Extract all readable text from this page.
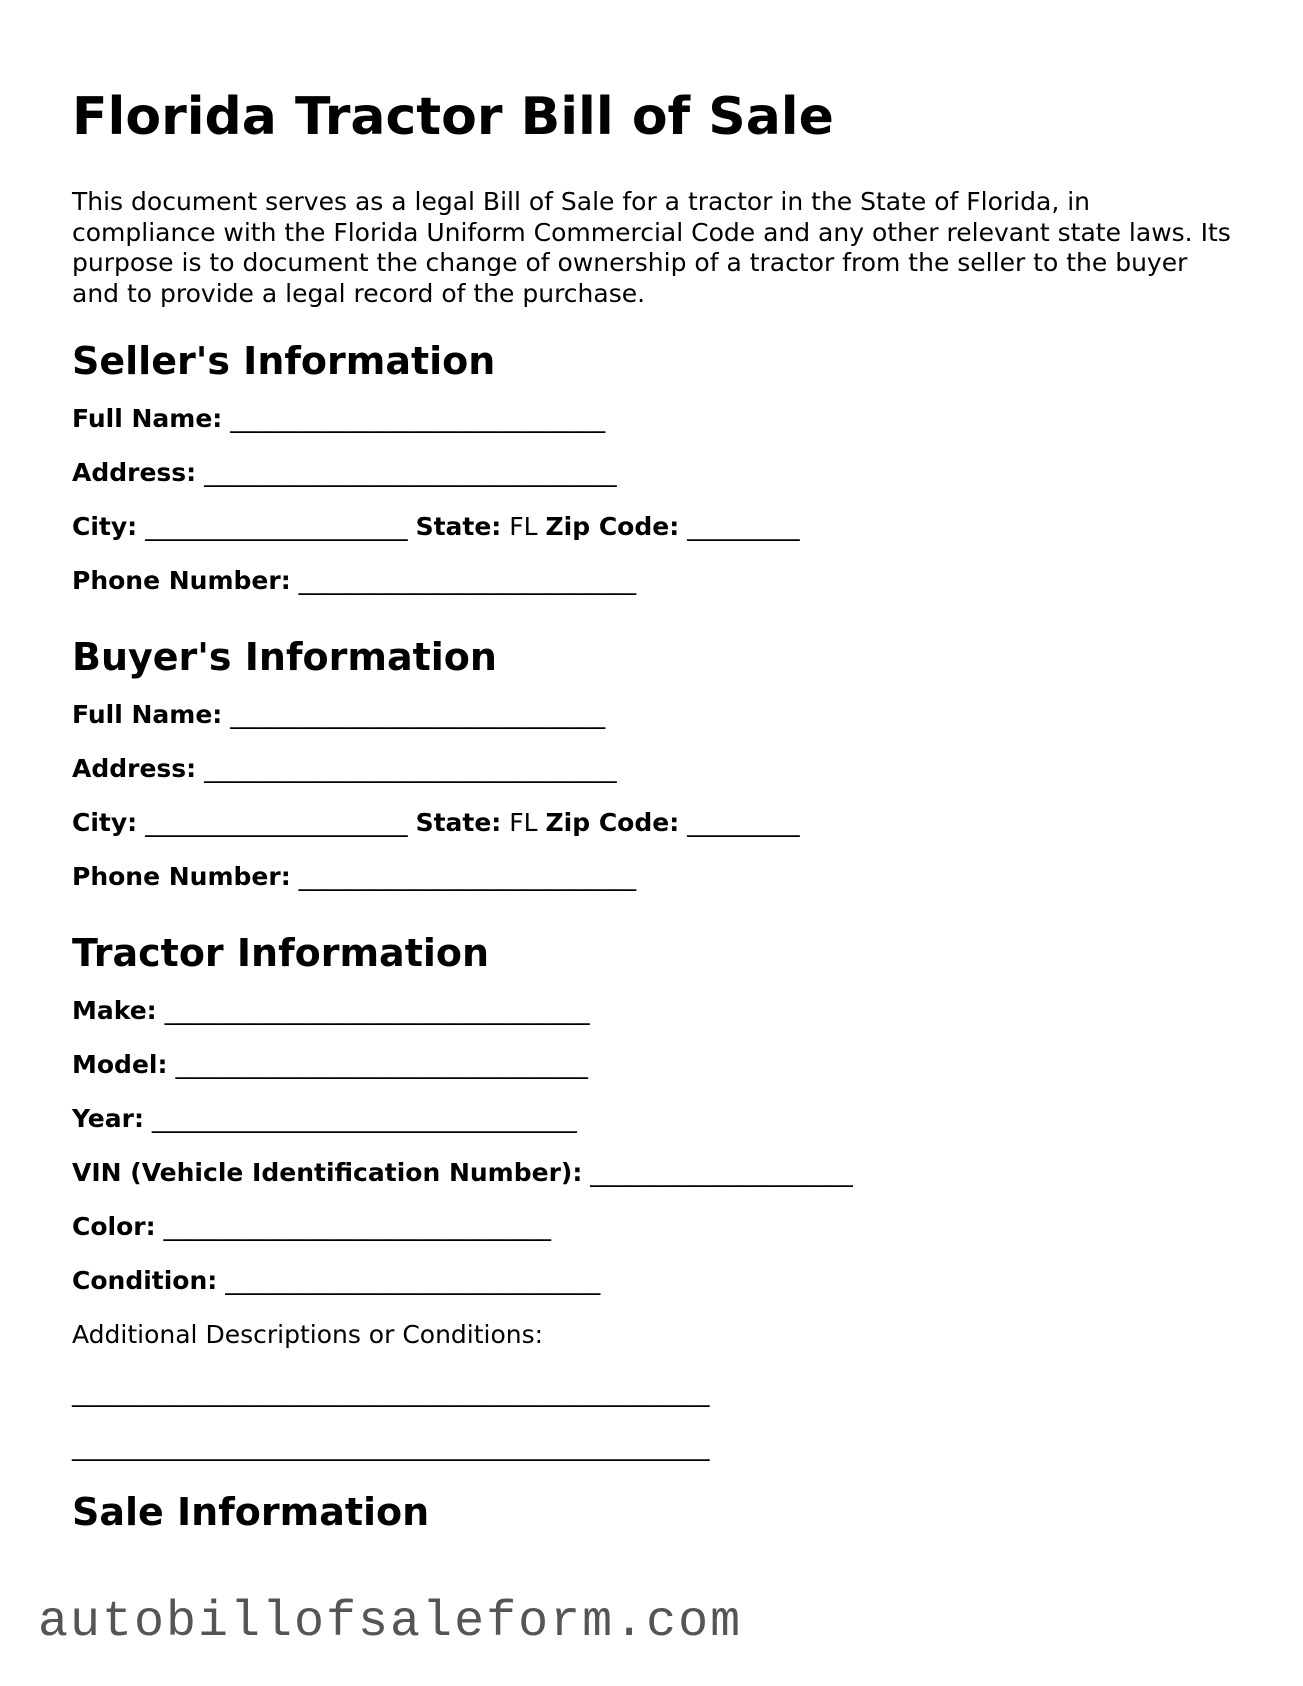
Florida Tractor Bill of Sale

This document serves as a legal Bill of Sale for a tractor in the State of Florida, in compliance with the Florida Uniform Commercial Code and any other relevant state laws. Its purpose is to document the change of ownership of a tractor from the seller to the buyer and to provide a legal record of the purchase.

Seller's Information

Full Name: ______________________________

Address: _________________________________

City: _____________________ State: FL Zip Code: _________

Phone Number: ___________________________

Buyer's Information

Full Name: ______________________________

Address: _________________________________

City: _____________________ State: FL Zip Code: _________

Phone Number: ___________________________

Tractor Information

Make: __________________________________

Model: _________________________________

Year: __________________________________

VIN (Vehicle Identification Number): _____________________

Color: _______________________________

Condition: ______________________________

Additional Descriptions or Conditions:

___________________________________________________

___________________________________________________

Sale Information

autobillofsaleform.com
